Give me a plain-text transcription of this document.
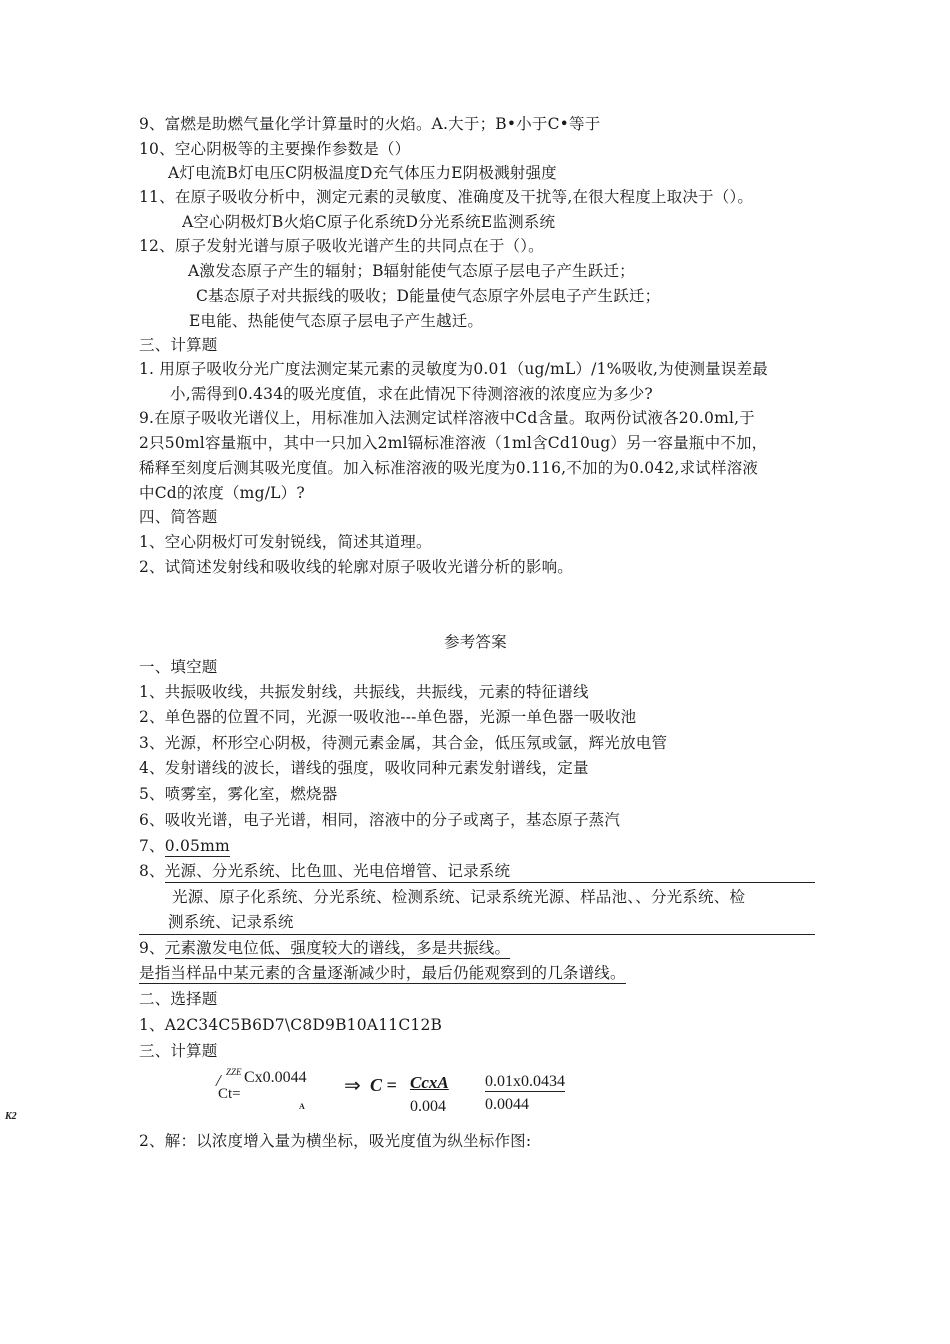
9、富燃是助燃气量化学计算量时的火焰。A.大于；B•小于C•等于
10、空心阴极等的主要操作参数是（）
A灯电流B灯电压C阴极温度D充气体压力E阴极溅射强度
11、在原子吸收分析中，测定元素的灵敏度、准确度及干扰等,在很大程度上取决于（）。
A空心阴极灯B火焰C原子化系统D分光系统E监测系统
12、原子发射光谱与原子吸收光谱产生的共同点在于（）。
A激发态原子产生的辐射；B辐射能使气态原子层电子产生跃迁；
C基态原子对共振线的吸收；D能量使气态原字外层电子产生跃迁；
E电能、热能使气态原子层电子产生越迁。
三、计算题
1. 用原子吸收分光广度法测定某元素的灵敏度为0.01（ug/mL）/1%吸收,为使测量误差最
小,需得到0.434的吸光度值，求在此情况下待测溶液的浓度应为多少?
9.在原子吸收光谱仪上，用标准加入法测定试样溶液中Cd含量。取两份试液各20.0ml,于
2只50ml容量瓶中，其中一只加入2ml镉标准溶液（1ml含Cd10ug）另一容量瓶中不加，
稀释至刻度后测其吸光度值。加入标准溶液的吸光度为0.116,不加的为0.042,求试样溶液
中Cd的浓度（mg/L）?
四、简答题
1、空心阴极灯可发射锐线，简述其道理。
2、试简述发射线和吸收线的轮廓对原子吸收光谱分析的影响。
参考答案
一、填空题
1、共振吸收线，共振发射线，共振线，共振线，元素的特征谱线
2、单色器的位置不同，光源一吸收池---单色器，光源一单色器一吸收池
3、光源，杯形空心阴极，待测元素金属，其合金，低压氖或氩，辉光放电管
4、发射谱线的波长，谱线的强度，吸收同种元素发射谱线，定量
5、喷雾室，雾化室，燃烧器
6、吸收光谱，电子光谱，相同，溶液中的分子或离子，基态原子蒸汽
7、0.05mm
8、光源、分光系统、比色皿、光电倍增管、记录系统
光源、原子化系统、分光系统、检测系统、记录系统光源、样品池、、分光系统、检
测系统、记录系统
9、元素激发电位低、强度较大的谱线，多是共振线。
是指当样品中某元素的含量逐渐减少时，最后仍能观察到的几条谱线。
二、选择题
1、A2C34C5B6D7\C8D9B10A11C12B
三、计算题
/ ZZE Cx0.0044
Ct=
A
⇒ C = CcxA
0.004
0.01x0.0434
0.0044
K2
2、解：以浓度增入量为横坐标，吸光度值为纵坐标作图:
